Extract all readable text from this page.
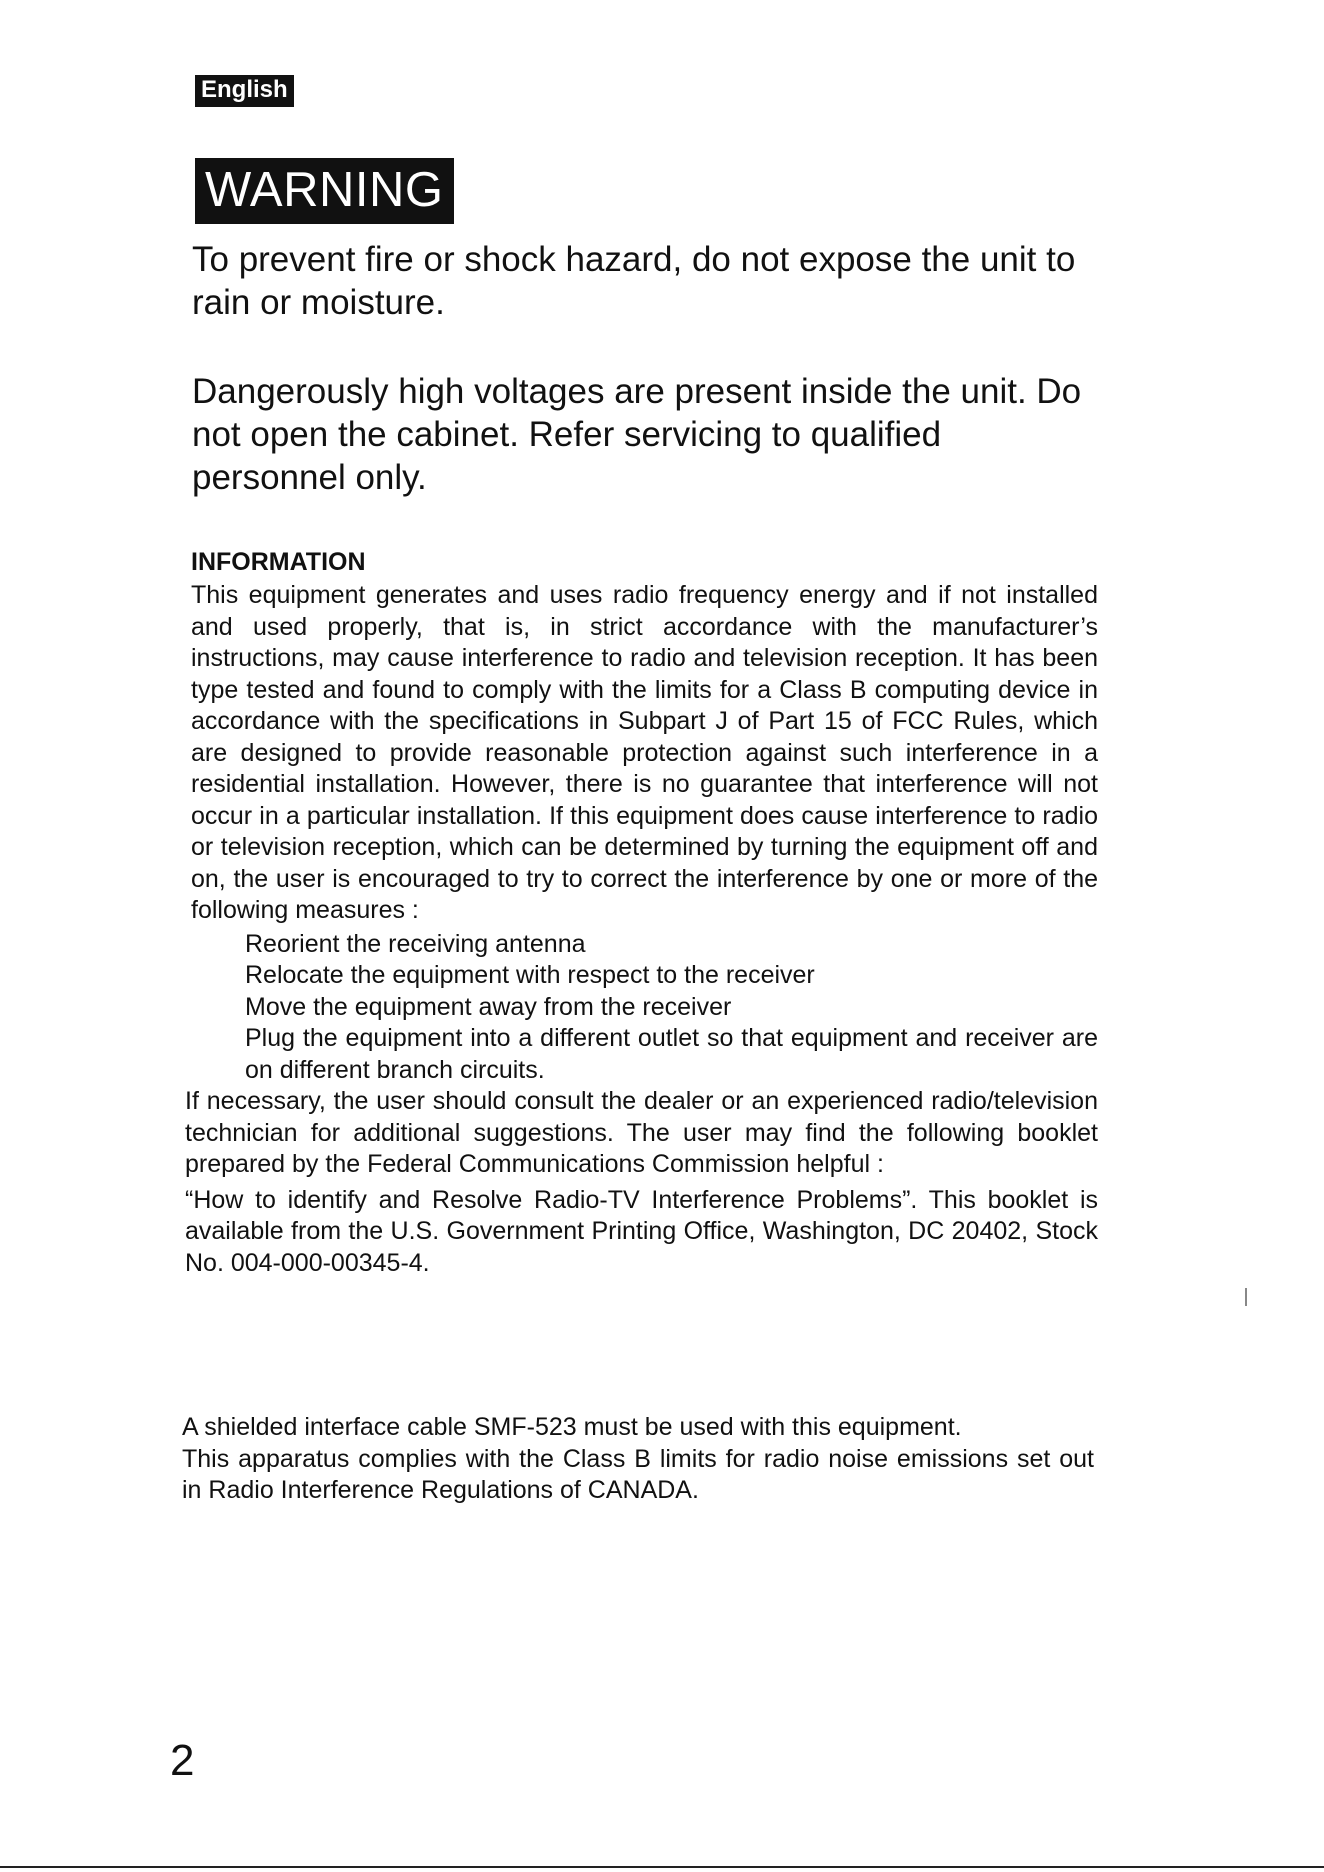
English
WARNING

To prevent fire or shock hazard, do not expose the unit to rain or moisture.

Dangerously high voltages are present inside the unit. Do not open the cabinet. Refer servicing to qualified personnel only.

INFORMATION

This equipment generates and uses radio frequency energy and if not installed and used properly, that is, in strict accordance with the manufacturer’s instructions, may cause interference to radio and television reception. It has been type tested and found to comply with the limits for a Class B computing device in accordance with the specifications in Subpart J of Part 15 of FCC Rules, which are designed to provide reasonable protection against such interference in a residential installation. However, there is no guarantee that interference will not occur in a particular installation. If this equipment does cause interference to radio or television reception, which can be determined by turning the equipment off and on, the user is encouraged to try to correct the interference by one or more of the following measures :

Reorient the receiving antenna
Relocate the equipment with respect to the receiver
Move the equipment away from the receiver
Plug the equipment into a different outlet so that equipment and receiver are on different branch circuits.

If necessary, the user should consult the dealer or an experienced radio/television technician for additional suggestions. The user may find the following booklet prepared by the Federal Communications Commission helpful :

“How to identify and Resolve Radio-TV Interference Problems”. This booklet is available from the U.S. Government Printing Office, Washington, DC 20402, Stock No. 004-000-00345-4.

A shielded interface cable SMF-523 must be used with this equipment.
This apparatus complies with the Class B limits for radio noise emissions set out in Radio Interference Regulations of CANADA.
2
